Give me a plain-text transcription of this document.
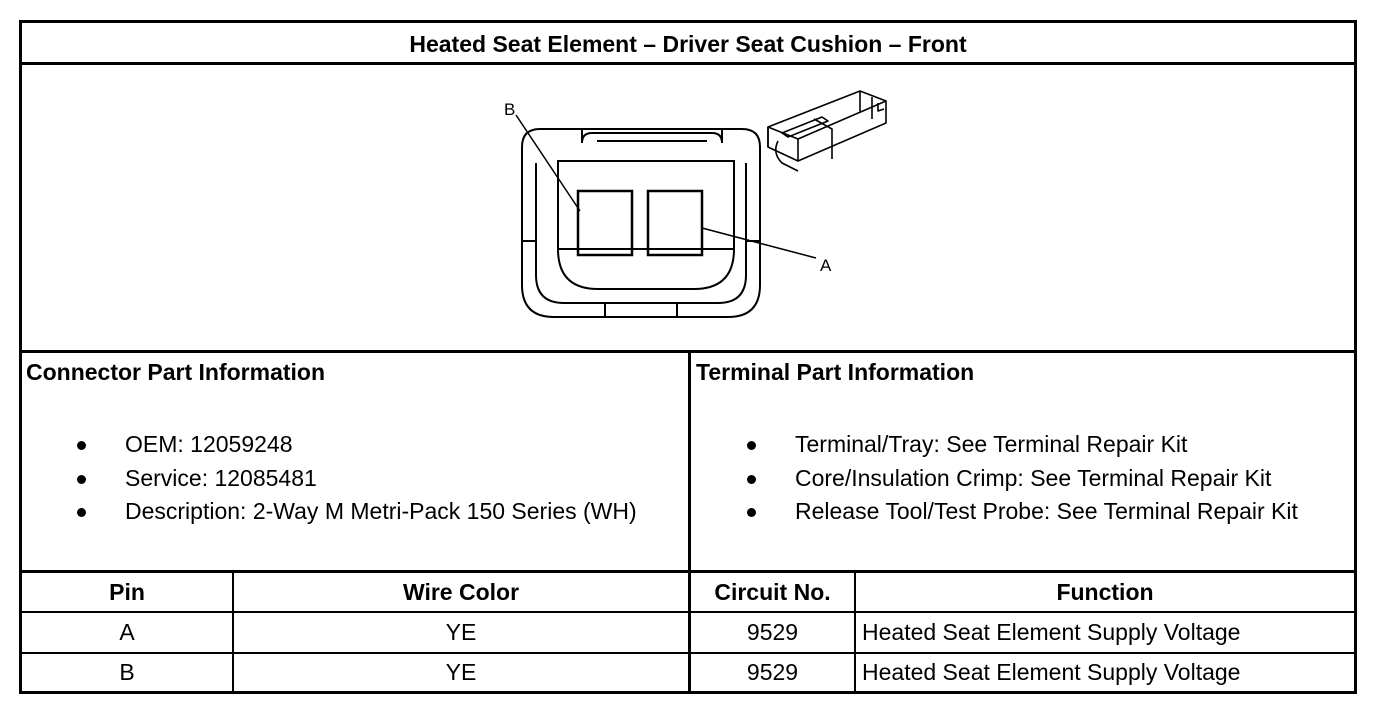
Heated Seat Element – Driver Seat Cushion – Front
B
A
Connector Part Information
OEM: 12059248
Service: 12085481
Description: 2-Way M Metri-Pack 150 Series (WH)
Terminal Part Information
Terminal/Tray: See Terminal Repair Kit
Core/Insulation Crimp: See Terminal Repair Kit
Release Tool/Test Probe: See Terminal Repair Kit
Pin	Wire Color	Circuit No.	Function
A	YE	9529	Heated Seat Element Supply Voltage
B	YE	9529	Heated Seat Element Supply Voltage
